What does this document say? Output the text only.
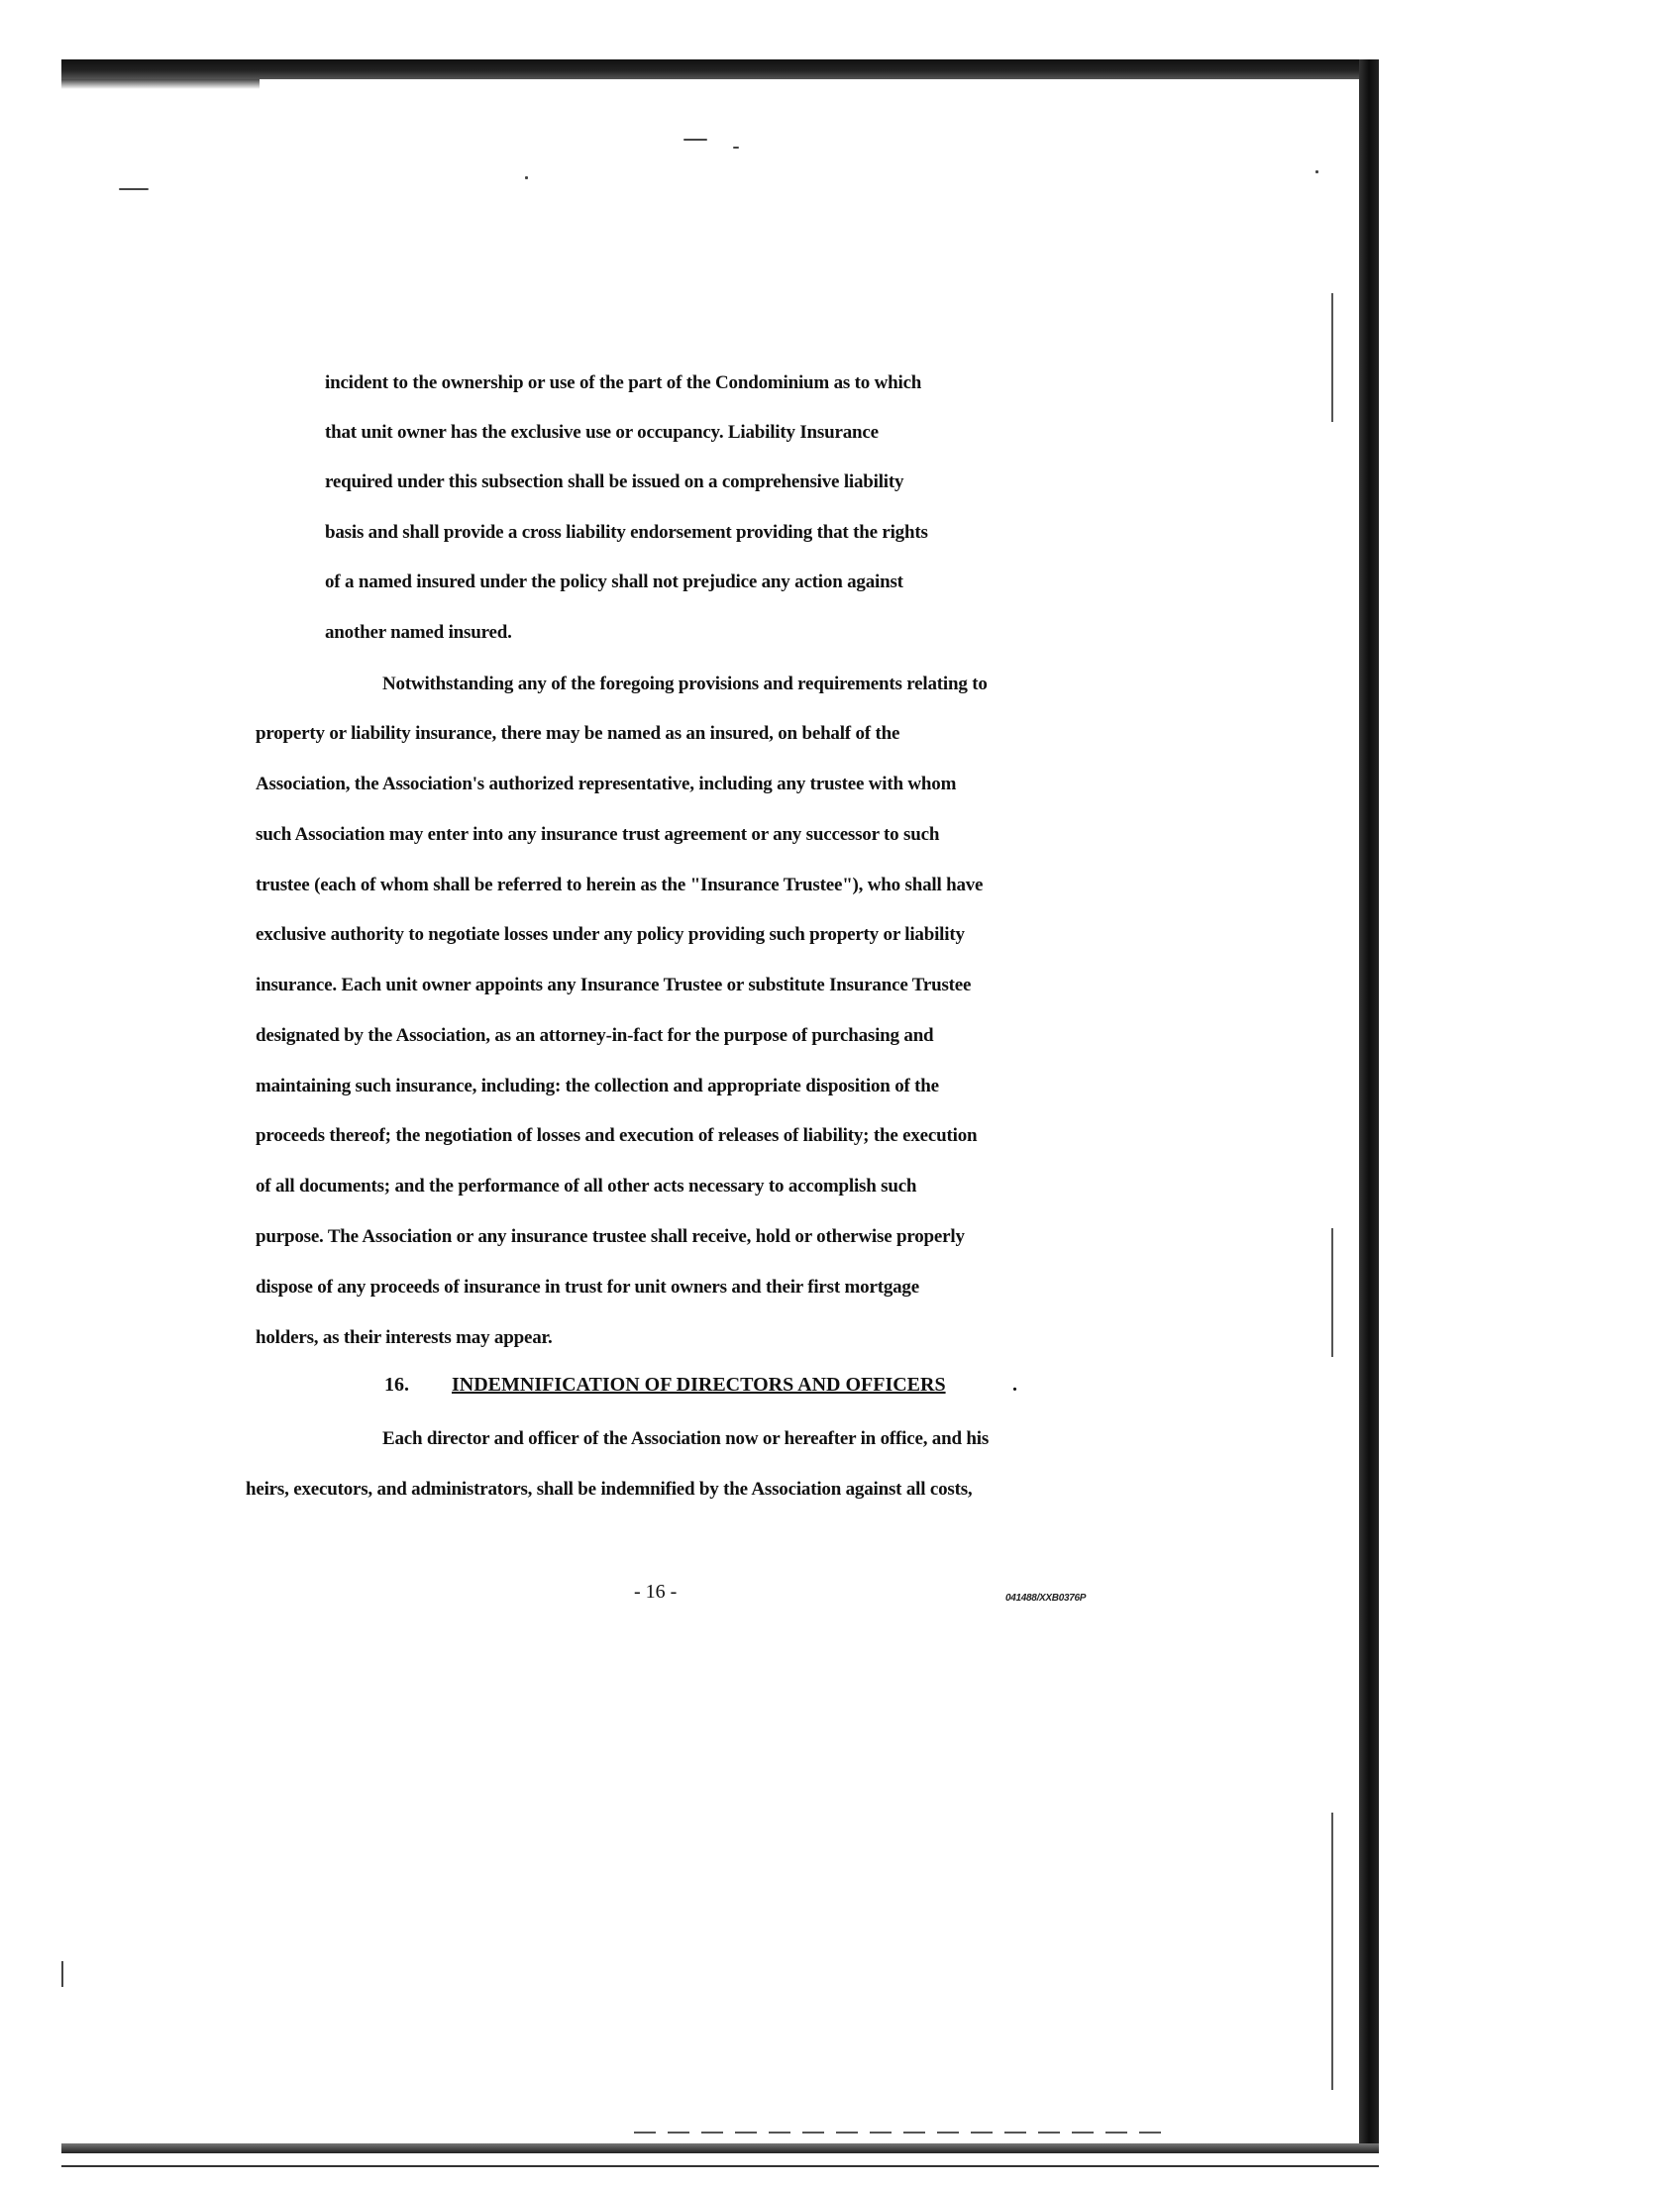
incident to the ownership or use of the part of the Condominium as to which
that unit owner has the exclusive use or occupancy. Liability Insurance
required under this subsection shall be issued on a comprehensive liability
basis and shall provide a cross liability endorsement providing that the rights
of a named insured under the policy shall not prejudice any action against
another named insured.
Notwithstanding any of the foregoing provisions and requirements relating to
property or liability insurance, there may be named as an insured, on behalf of the
Association, the Association's authorized representative, including any trustee with whom
such Association may enter into any insurance trust agreement or any successor to such
trustee (each of whom shall be referred to herein as the "Insurance Trustee"), who shall have
exclusive authority to negotiate losses under any policy providing such property or liability
insurance. Each unit owner appoints any Insurance Trustee or substitute Insurance Trustee
designated by the Association, as an attorney-in-fact for the purpose of purchasing and
maintaining such insurance, including: the collection and appropriate disposition of the
proceeds thereof; the negotiation of losses and execution of releases of liability; the execution
of all documents; and the performance of all other acts necessary to accomplish such
purpose. The Association or any insurance trustee shall receive, hold or otherwise properly
dispose of any proceeds of insurance in trust for unit owners and their first mortgage
holders, as their interests may appear.
16. INDEMNIFICATION OF DIRECTORS AND OFFICERS	.
Each director and officer of the Association now or hereafter in office, and his
heirs, executors, and administrators, shall be indemnified by the Association against all costs,
- 16 -	041488/XXB0376P
